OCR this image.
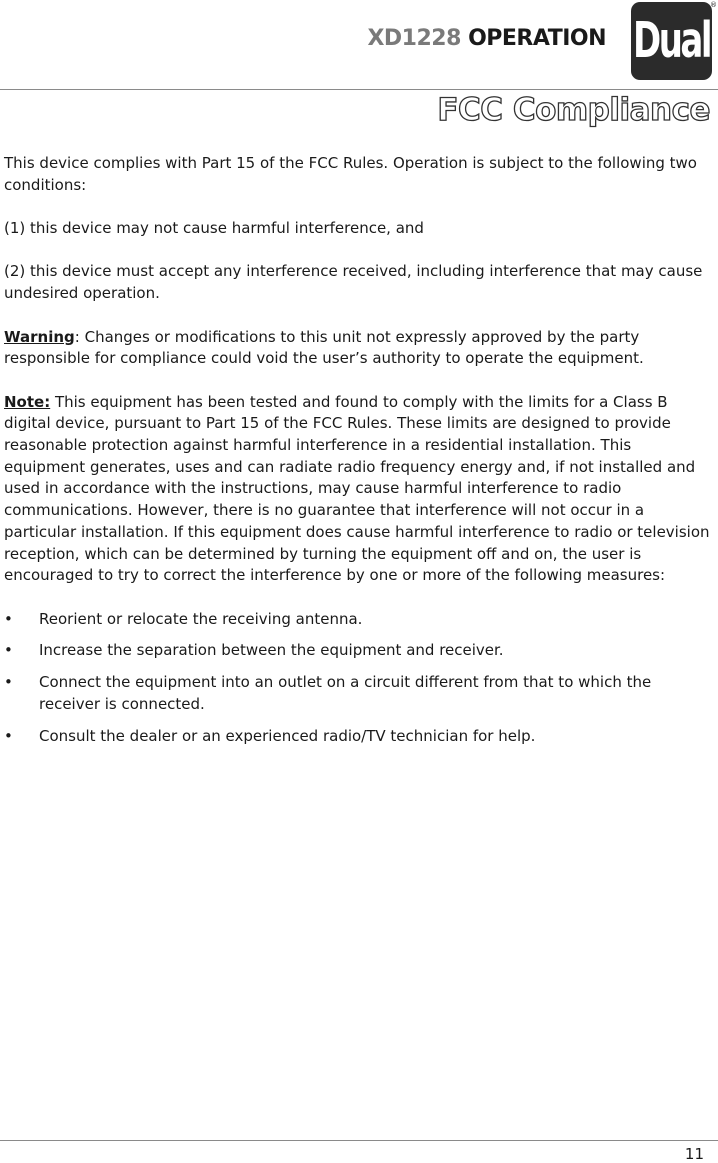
XD1228 OPERATION Dual
®
FCC Compliance

This device complies with Part 15 of the FCC Rules. Operation is subject to the following two conditions:

(1) this device may not cause harmful interference, and

(2) this device must accept any interference received, including interference that may cause undesired operation.

Warning: Changes or modifications to this unit not expressly approved by the party responsible for compliance could void the user’s authority to operate the equipment.

Note: This equipment has been tested and found to comply with the limits for a Class B digital device, pursuant to Part 15 of the FCC Rules. These limits are designed to provide reasonable protection against harmful interference in a residential installation. This equipment generates, uses and can radiate radio frequency energy and, if not installed and used in accordance with the instructions, may cause harmful interference to radio communications. However, there is no guarantee that interference will not occur in a particular installation. If this equipment does cause harmful interference to radio or television reception, which can be determined by turning the equipment off and on, the user is encouraged to try to correct the interference by one or more of the following measures:

• Reorient or relocate the receiving antenna.
• Increase the separation between the equipment and receiver.
• Connect the equipment into an outlet on a circuit different from that to which the receiver is connected.
• Consult the dealer or an experienced radio/TV technician for help.
11
